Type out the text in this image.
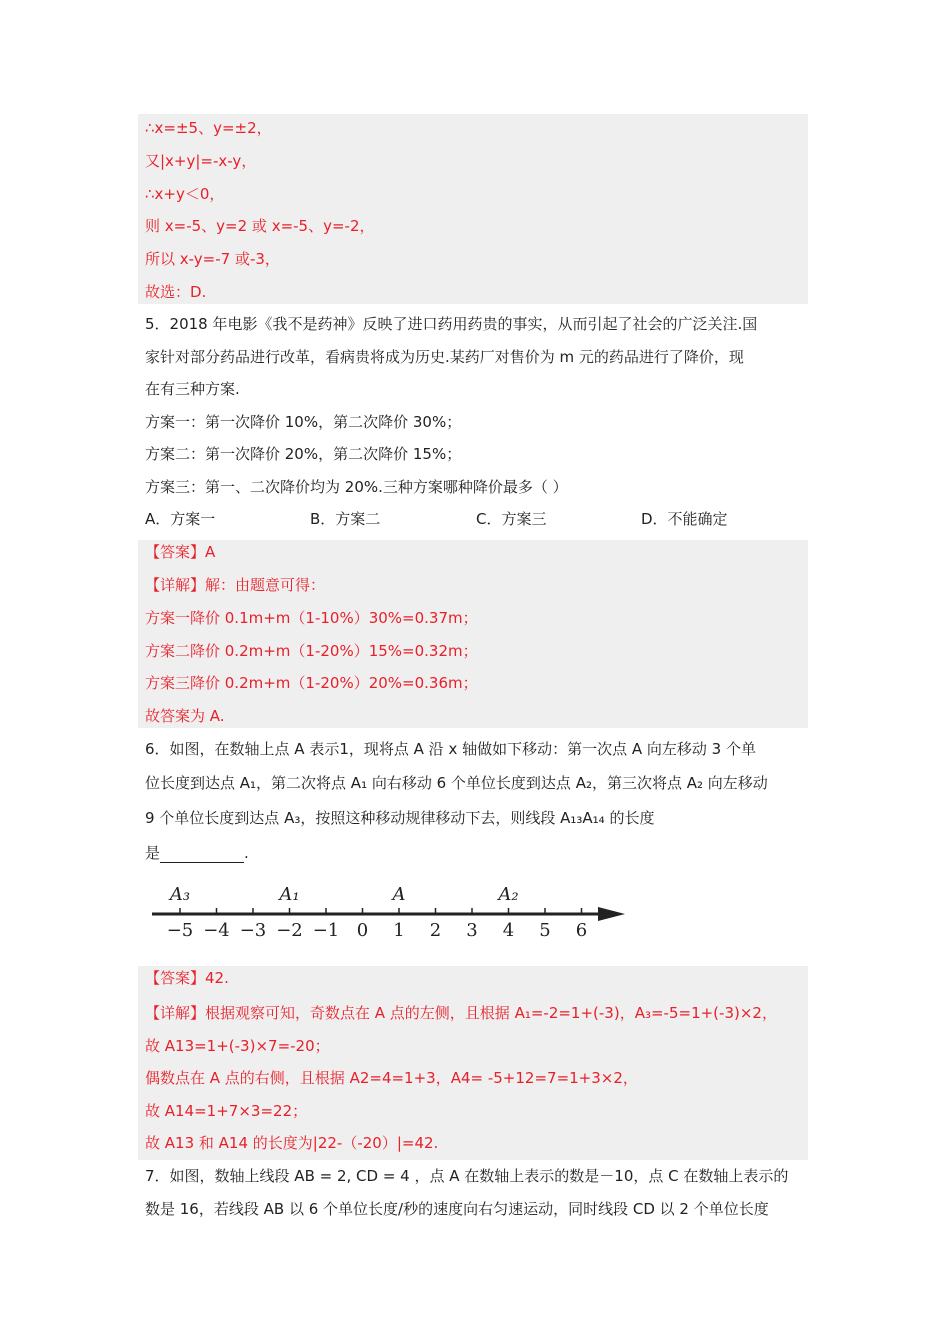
∴x=±5、y=±2，
又|x+y|=-x-y，
∴x+y＜0，
则 x=-5、y=2 或 x=-5、y=-2，
所以 x-y=-7 或-3，
故选：D.
5．2018 年电影《我不是药神》反映了进口药用药贵的事实，从而引起了社会的广泛关注.国
家针对部分药品进行改革，看病贵将成为历史.某药厂对售价为 m 元的药品进行了降价，现
在有三种方案.
方案一：第一次降价 10%，第二次降价 30%；
方案二：第一次降价 20%，第二次降价 15%；
方案三：第一、二次降价均为 20%.三种方案哪种降价最多（ ）
A．方案一	B．方案二	C．方案三	D．不能确定
【答案】A
【详解】解：由题意可得：
方案一降价 0.1m+m（1-10%）30%=0.37m；
方案二降价 0.2m+m（1-20%）15%=0.32m；
方案三降价 0.2m+m（1-20%）20%=0.36m；
故答案为 A.
6．如图，在数轴上点 A 表示1，现将点 A 沿 x 轴做如下移动：第一次点 A 向左移动 3 个单
位长度到达点 A₁，第二次将点 A₁ 向右移动 6 个单位长度到达点 A₂，第三次将点 A₂ 向左移动
9 个单位长度到达点 A₃，按照这种移动规律移动下去，则线段 A₁₃A₁₄ 的长度
是	.
−5 −4 −3 −2 −1 0 1 2 3 4 5 6
A₃	A₁	A	A₂
【答案】42.
【详解】根据观察可知，奇数点在 A 点的左侧，且根据 A₁=-2=1+(-3)，A₃=-5=1+(-3)×2，
故 A13=1+(-3)×7=-20；
偶数点在 A 点的右侧，且根据 A2=4=1+3，A4= -5+12=7=1+3×2，
故 A14=1+7×3=22；
故 A13 和 A14 的长度为|22-（-20）|=42.
7．如图，数轴上线段 AB = 2, CD = 4 ，点 A 在数轴上表示的数是－10，点 C 在数轴上表示的
数是 16，若线段 AB 以 6 个单位长度/秒的速度向右匀速运动，同时线段 CD 以 2 个单位长度
